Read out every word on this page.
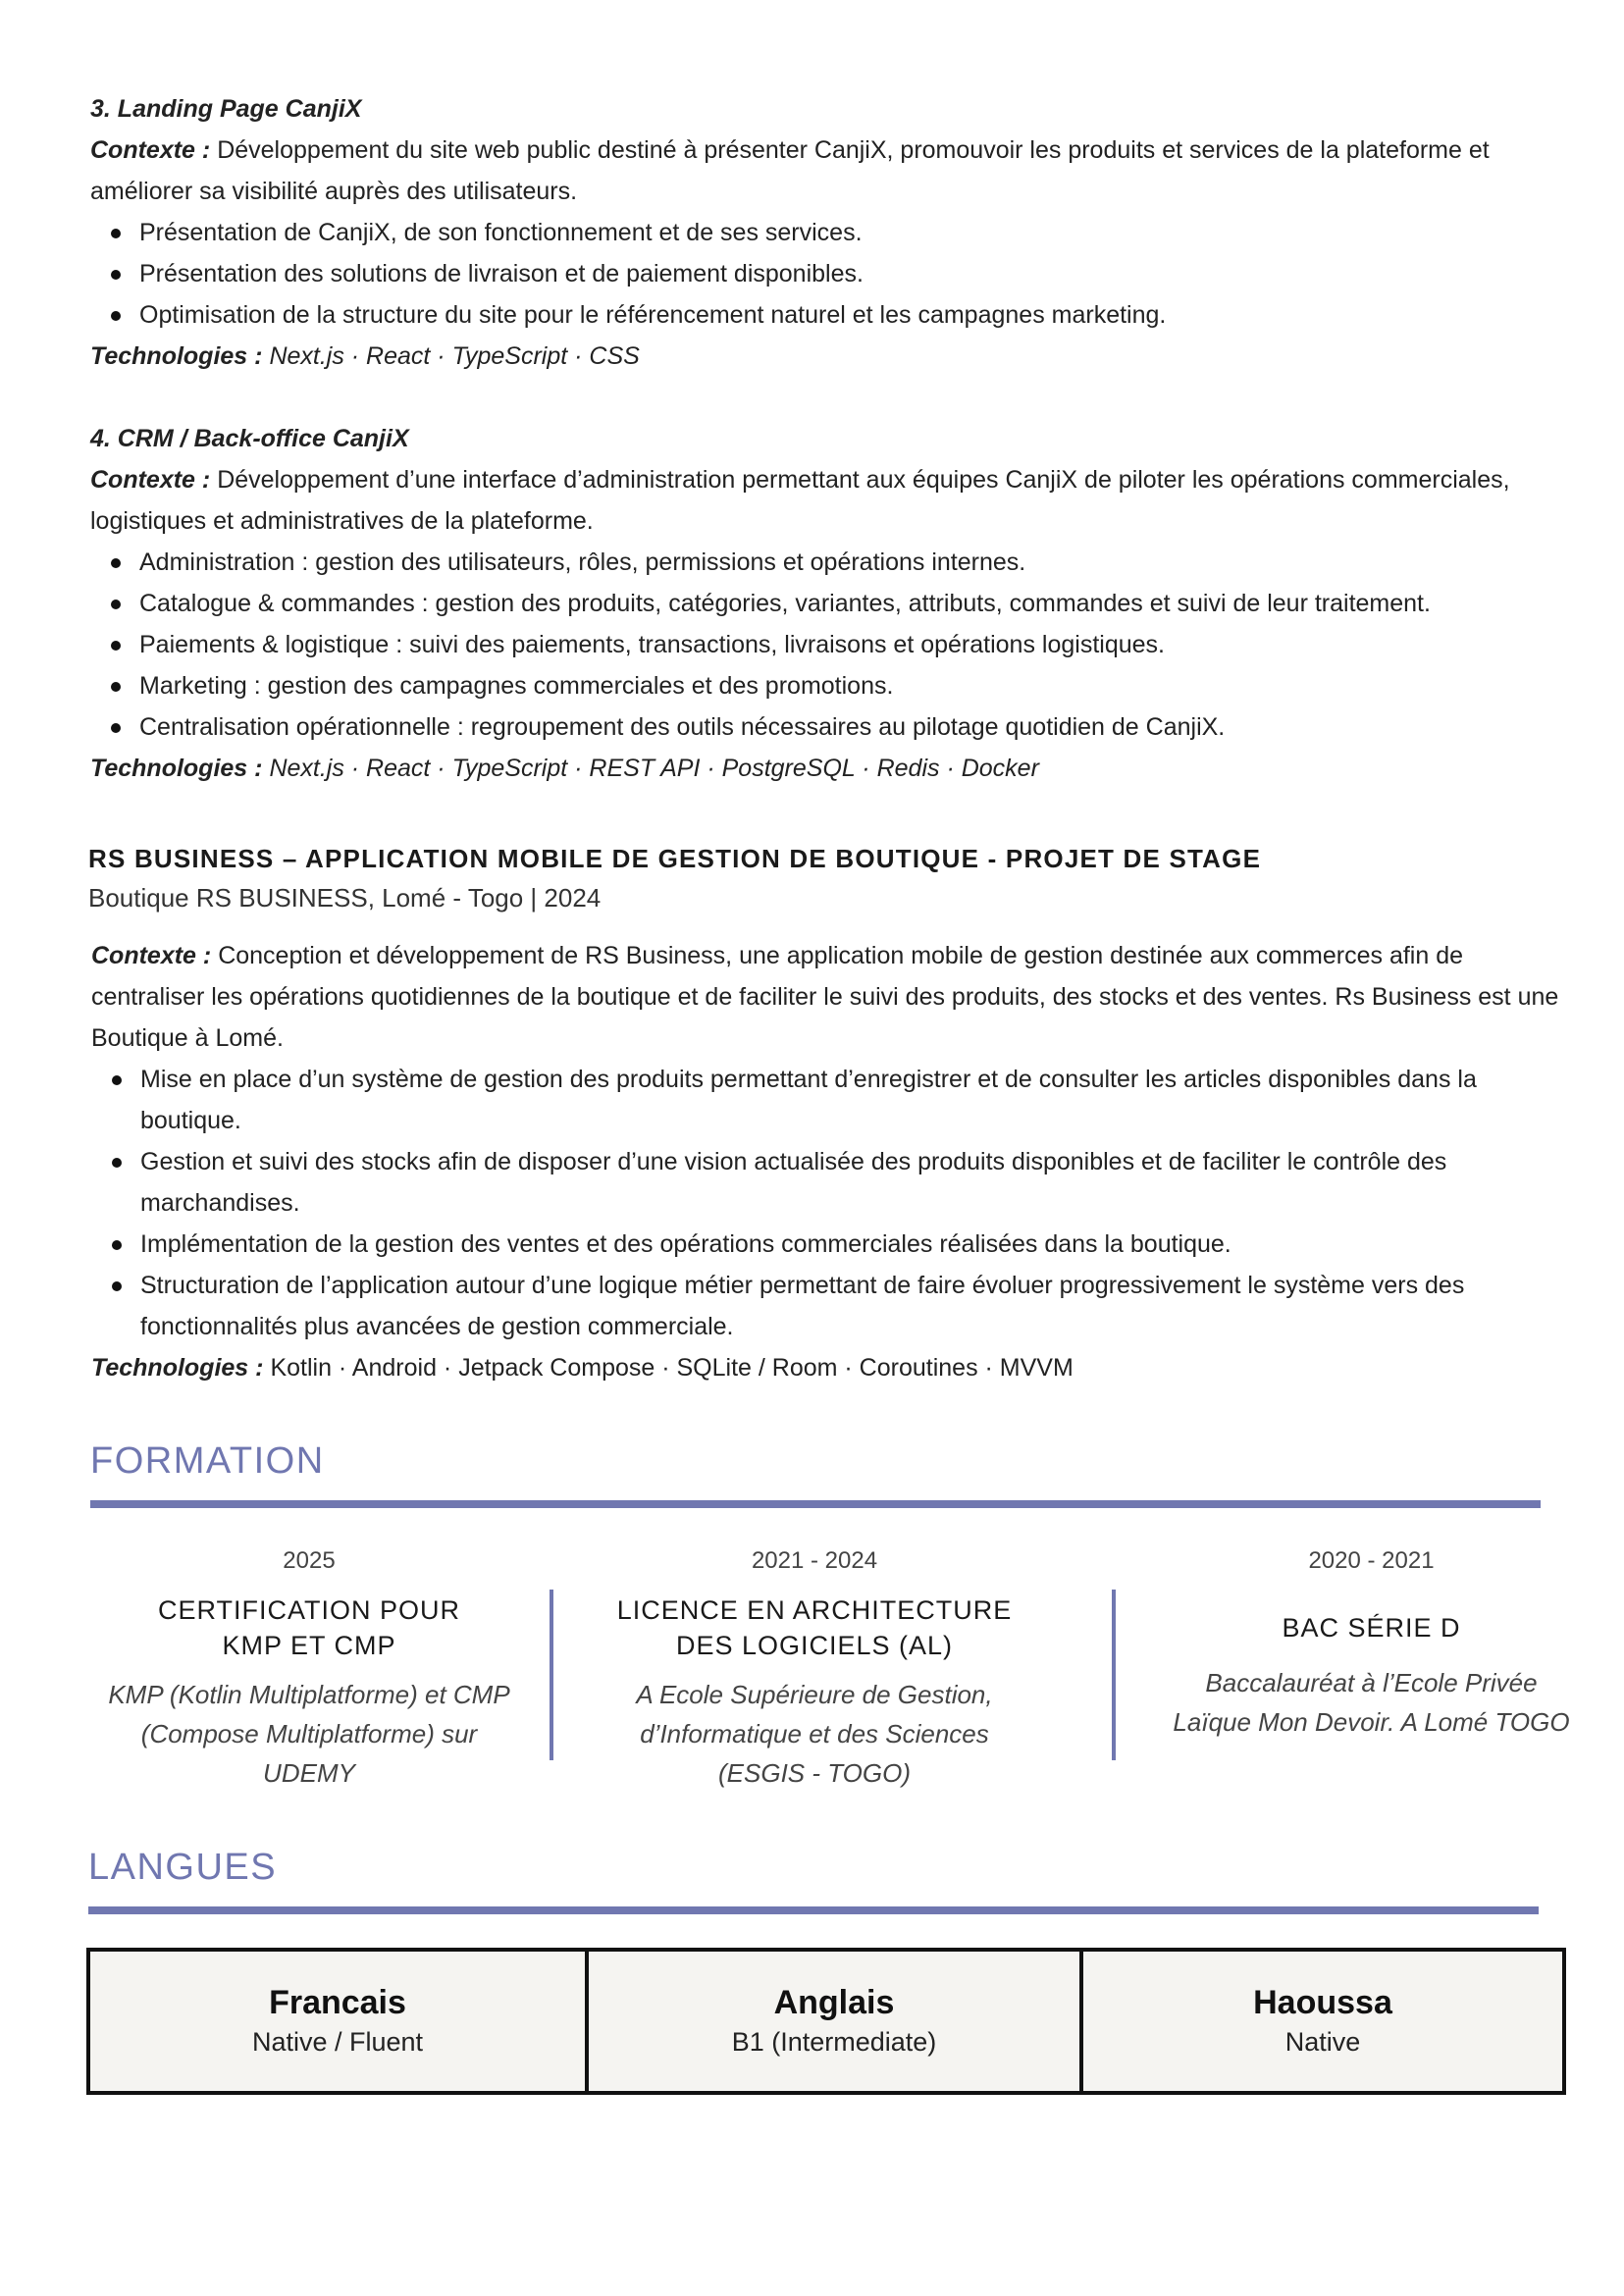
3. Landing Page CanjiX
Contexte : Développement du site web public destiné à présenter CanjiX, promouvoir les produits et services de la plateforme et améliorer sa visibilité auprès des utilisateurs.
Présentation de CanjiX, de son fonctionnement et de ses services.
Présentation des solutions de livraison et de paiement disponibles.
Optimisation de la structure du site pour le référencement naturel et les campagnes marketing.
Technologies : Next.js · React · TypeScript · CSS
4. CRM / Back-office CanjiX
Contexte : Développement d’une interface d’administration permettant aux équipes CanjiX de piloter les opérations commerciales, logistiques et administratives de la plateforme.
Administration : gestion des utilisateurs, rôles, permissions et opérations internes.
Catalogue & commandes : gestion des produits, catégories, variantes, attributs, commandes et suivi de leur traitement.
Paiements & logistique : suivi des paiements, transactions, livraisons et opérations logistiques.
Marketing : gestion des campagnes commerciales et des promotions.
Centralisation opérationnelle : regroupement des outils nécessaires au pilotage quotidien de CanjiX.
Technologies : Next.js · React · TypeScript · REST API · PostgreSQL · Redis · Docker
RS BUSINESS – APPLICATION MOBILE DE GESTION DE BOUTIQUE - PROJET DE STAGE
Boutique RS BUSINESS, Lomé - Togo | 2024
Contexte : Conception et développement de RS Business, une application mobile de gestion destinée aux commerces afin de centraliser les opérations quotidiennes de la boutique et de faciliter le suivi des produits, des stocks et des ventes. Rs Business est une Boutique à Lomé.
Mise en place d’un système de gestion des produits permettant d’enregistrer et de consulter les articles disponibles dans la boutique.
Gestion et suivi des stocks afin de disposer d’une vision actualisée des produits disponibles et de faciliter le contrôle des marchandises.
Implémentation de la gestion des ventes et des opérations commerciales réalisées dans la boutique.
Structuration de l’application autour d’une logique métier permettant de faire évoluer progressivement le système vers des fonctionnalités plus avancées de gestion commerciale.
Technologies : Kotlin · Android · Jetpack Compose · SQLite / Room · Coroutines · MVVM
FORMATION
2025
CERTIFICATION POUR
KMP ET CMP
KMP (Kotlin Multiplatforme) et CMP
(Compose Multiplatforme) sur
UDEMY
2021 - 2024
LICENCE EN ARCHITECTURE
DES LOGICIELS (AL)
A Ecole Supérieure de Gestion,
d’Informatique et des Sciences
(ESGIS - TOGO)
2020 - 2021
BAC SÉRIE D
Baccalauréat à l’Ecole Privée
Laïque Mon Devoir. A Lomé TOGO
LANGUES
Francais
Native / Fluent
Anglais
B1 (Intermediate)
Haoussa
Native
